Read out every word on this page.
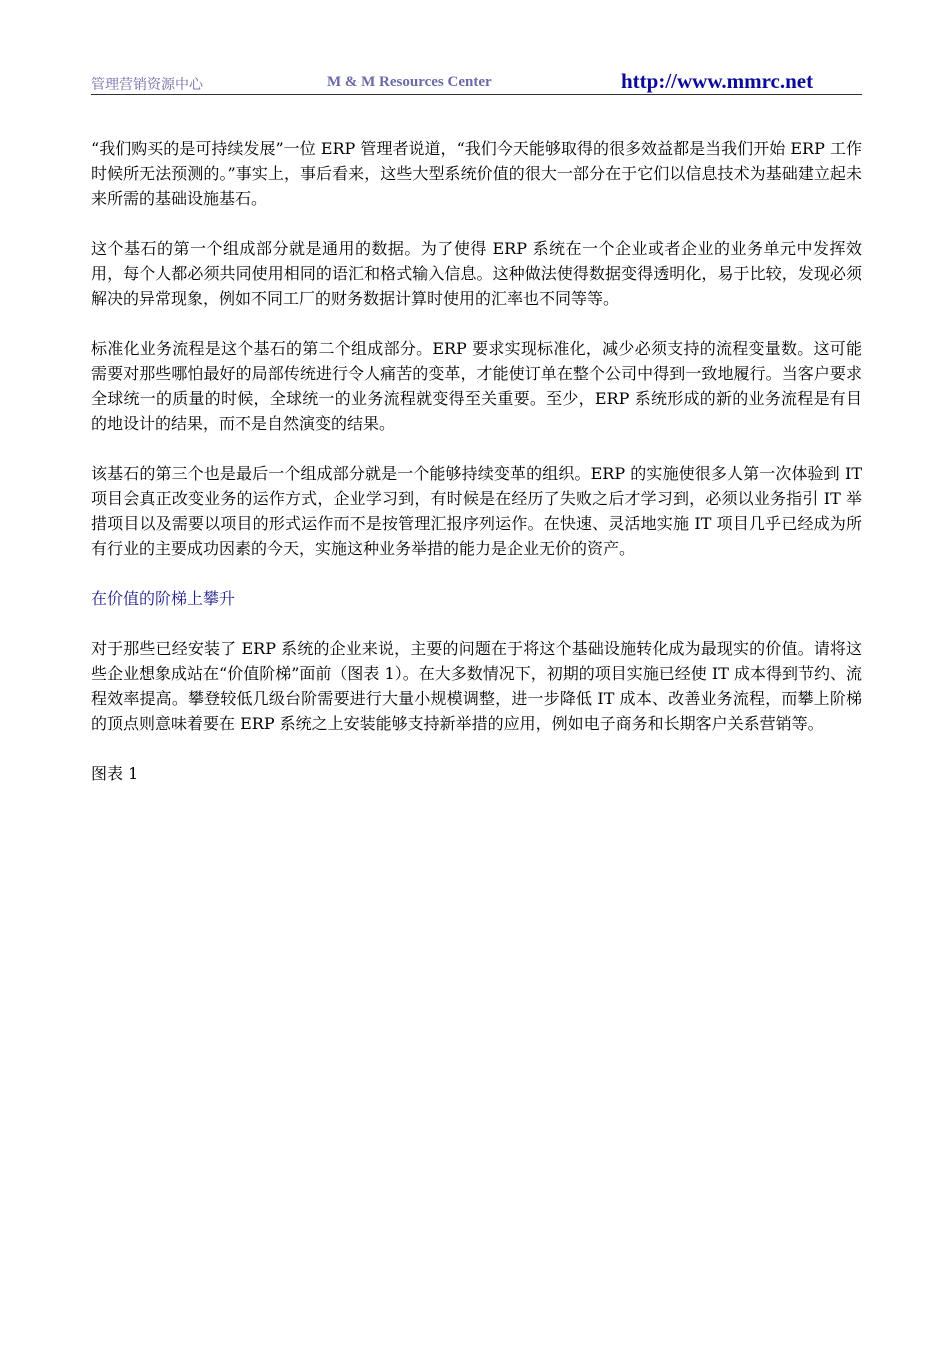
管理营销资源中心	M & M Resources Center	http://www.mmrc.net

“我们购买的是可持续发展”一位 ERP 管理者说道，“我们今天能够取得的很多效益都是当我们开始 ERP 工作时候所无法预测的。”事实上，事后看来，这些大型系统价值的很大一部分在于它们以信息技术为基础建立起未来所需的基础设施基石。

这个基石的第一个组成部分就是通用的数据。为了使得 ERP 系统在一个企业或者企业的业务单元中发挥效用，每个人都必须共同使用相同的语汇和格式输入信息。这种做法使得数据变得透明化，易于比较，发现必须解决的异常现象，例如不同工厂的财务数据计算时使用的汇率也不同等等。

标准化业务流程是这个基石的第二个组成部分。ERP 要求实现标准化，减少必须支持的流程变量数。这可能需要对那些哪怕最好的局部传统进行令人痛苦的变革，才能使订单在整个公司中得到一致地履行。当客户要求全球统一的质量的时候，全球统一的业务流程就变得至关重要。至少，ERP 系统形成的新的业务流程是有目的地设计的结果，而不是自然演变的结果。

该基石的第三个也是最后一个组成部分就是一个能够持续变革的组织。ERP 的实施使很多人第一次体验到 IT 项目会真正改变业务的运作方式，企业学习到，有时候是在经历了失败之后才学习到，必须以业务指引 IT 举措项目以及需要以项目的形式运作而不是按管理汇报序列运作。在快速、灵活地实施 IT 项目几乎已经成为所有行业的主要成功因素的今天，实施这种业务举措的能力是企业无价的资产。

在价值的阶梯上攀升

对于那些已经安装了 ERP 系统的企业来说，主要的问题在于将这个基础设施转化成为最现实的价值。请将这些企业想象成站在“价值阶梯”面前（图表 1）。在大多数情况下，初期的项目实施已经使 IT 成本得到节约、流程效率提高。攀登较低几级台阶需要进行大量小规模调整，进一步降低 IT 成本、改善业务流程，而攀上阶梯的顶点则意味着要在 ERP 系统之上安装能够支持新举措的应用，例如电子商务和长期客户关系营销等。

图表 1
